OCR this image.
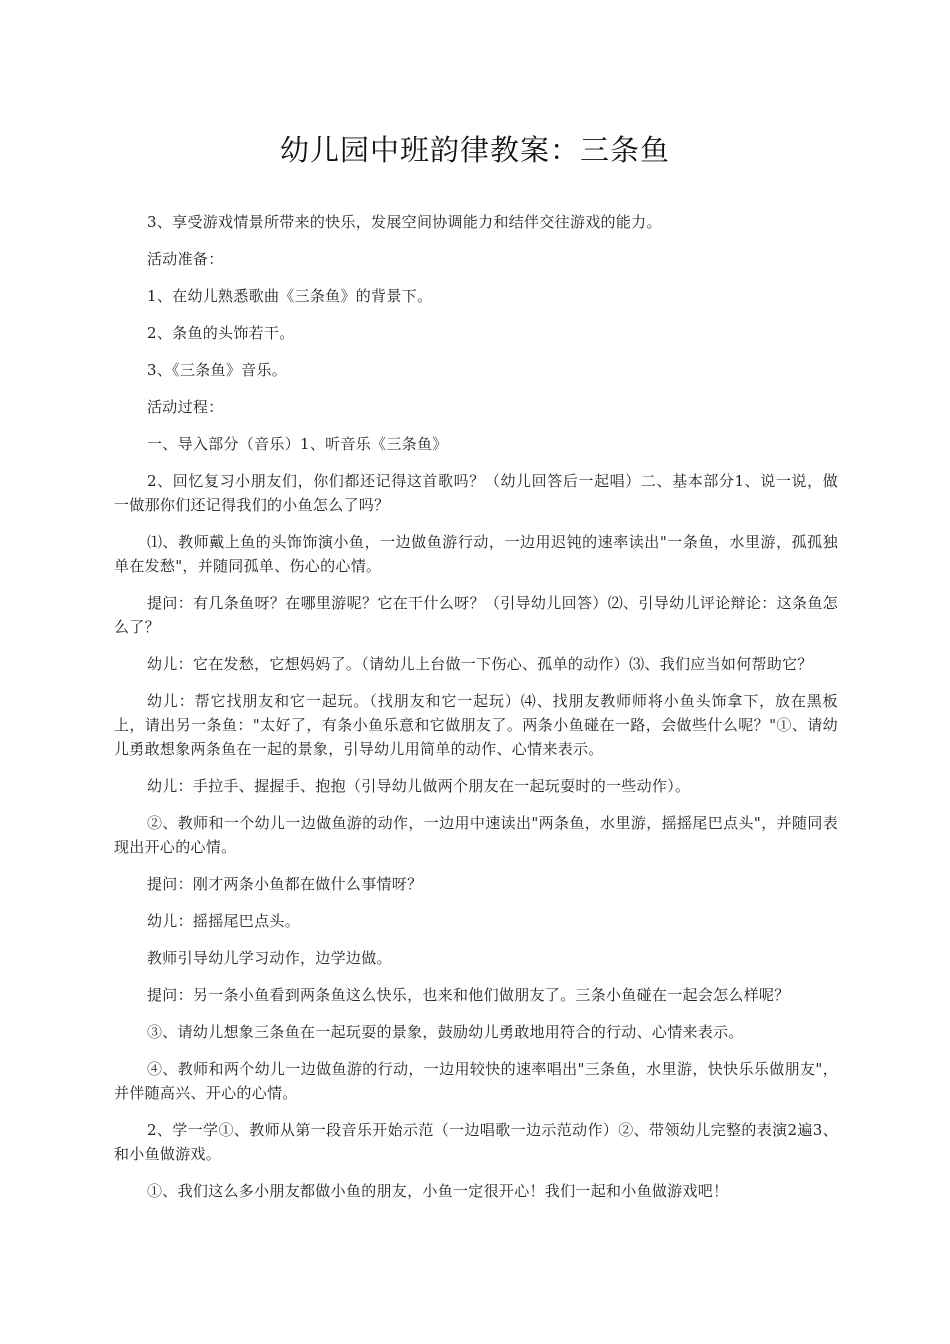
幼儿园中班韵律教案：三条鱼

3、享受游戏情景所带来的快乐，发展空间协调能力和结伴交往游戏的能力。

活动准备：

1、在幼儿熟悉歌曲《三条鱼》的背景下。

2、条鱼的头饰若干。

3、《三条鱼》音乐。

活动过程：

一、导入部分（音乐）1、听音乐《三条鱼》

2、回忆复习小朋友们，你们都还记得这首歌吗？（幼儿回答后一起唱）二、基本部分1、说一说，做一做那你们还记得我们的小鱼怎么了吗？

⑴、教师戴上鱼的头饰饰演小鱼，一边做鱼游行动，一边用迟钝的速率读出"一条鱼，水里游，孤孤独单在发愁"，并随同孤单、伤心的心情。

提问：有几条鱼呀？在哪里游呢？它在干什么呀？（引导幼儿回答）⑵、引导幼儿评论辩论：这条鱼怎么了？

幼儿：它在发愁，它想妈妈了。（请幼儿上台做一下伤心、孤单的动作）⑶、我们应当如何帮助它？

幼儿：帮它找朋友和它一起玩。（找朋友和它一起玩）⑷、找朋友教师师将小鱼头饰拿下，放在黑板上，请出另一条鱼："太好了，有条小鱼乐意和它做朋友了。两条小鱼碰在一路，会做些什么呢？"①、请幼儿勇敢想象两条鱼在一起的景象，引导幼儿用简单的动作、心情来表示。

幼儿：手拉手、握握手、抱抱（引导幼儿做两个朋友在一起玩耍时的一些动作）。

②、教师和一个幼儿一边做鱼游的动作，一边用中速读出"两条鱼，水里游，摇摇尾巴点头"，并随同表现出开心的心情。

提问：刚才两条小鱼都在做什么事情呀？

幼儿：摇摇尾巴点头。

教师引导幼儿学习动作，边学边做。

提问：另一条小鱼看到两条鱼这么快乐，也来和他们做朋友了。三条小鱼碰在一起会怎么样呢？

③、请幼儿想象三条鱼在一起玩耍的景象，鼓励幼儿勇敢地用符合的行动、心情来表示。

④、教师和两个幼儿一边做鱼游的行动，一边用较快的速率唱出"三条鱼，水里游，快快乐乐做朋友"，并伴随高兴、开心的心情。

2、学一学①、教师从第一段音乐开始示范（一边唱歌一边示范动作）②、带领幼儿完整的表演2遍3、和小鱼做游戏。

①、我们这么多小朋友都做小鱼的朋友，小鱼一定很开心！我们一起和小鱼做游戏吧！
